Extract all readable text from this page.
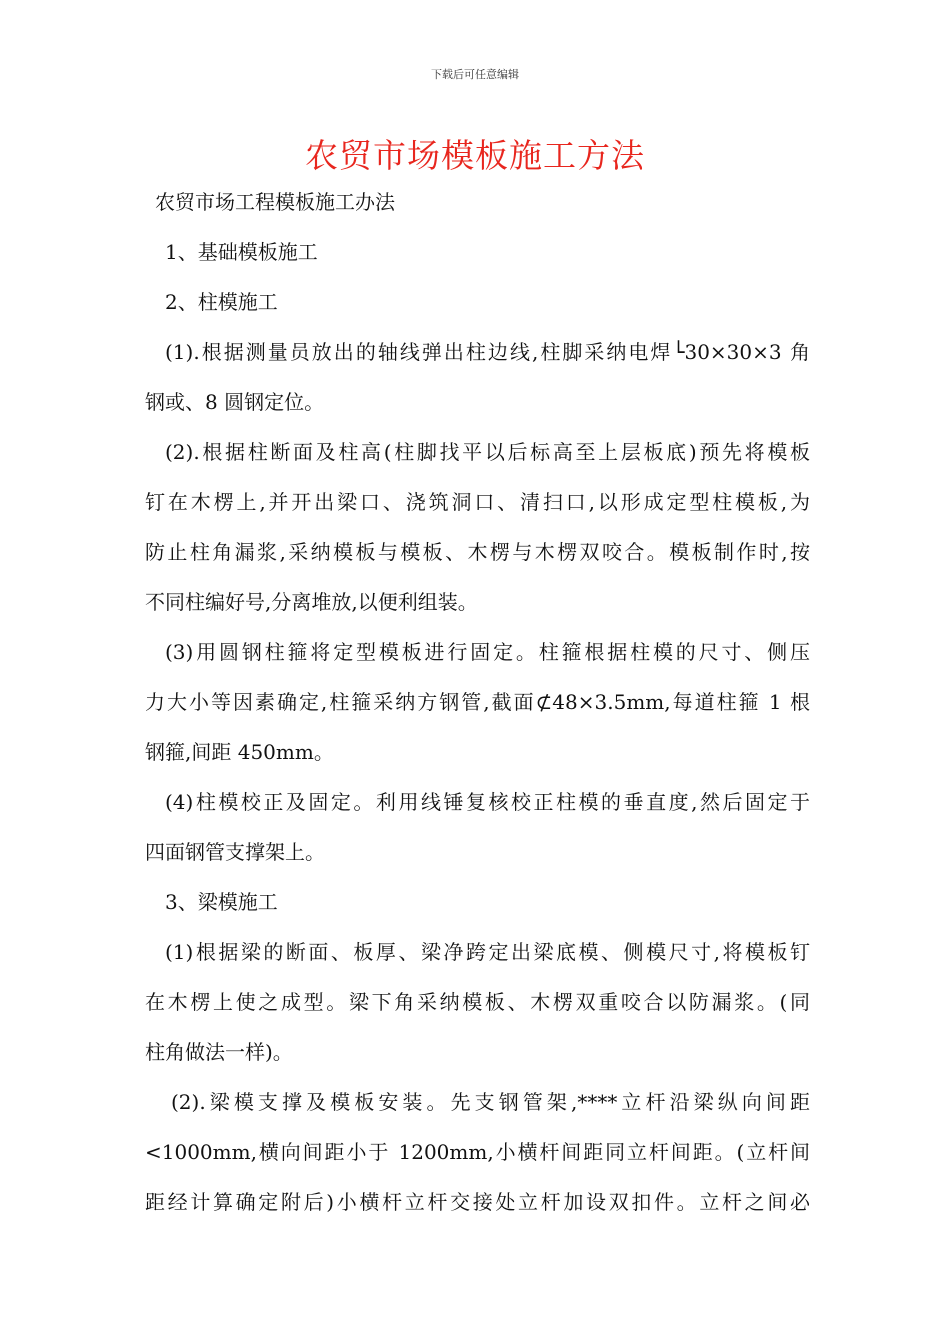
下载后可任意编辑
农贸市场模板施工方法
农贸市场工程模板施工办法
1、基础模板施工
2、柱模施工
(1).根据测量员放出的轴线弹出柱边线,柱脚采纳电焊└30×30×3 角
钢或、8 圆钢定位。
(2).根据柱断面及柱高(柱脚找平以后标高至上层板底)预先将模板
钉在木楞上,并开出梁口、浇筑洞口、清扫口,以形成定型柱模板,为
防止柱角漏浆,采纳模板与模板、木楞与木楞双咬合。模板制作时,按
不同柱编好号,分离堆放,以便利组装。
(3)用圆钢柱箍将定型模板进行固定。柱箍根据柱模的尺寸、侧压
力大小等因素确定,柱箍采纳方钢管,截面⊄48×3.5mm,每道柱箍 1 根
钢箍,间距 450mm。
(4)柱模校正及固定。利用线锤复核校正柱模的垂直度,然后固定于
四面钢管支撑架上。
3、梁模施工
(1)根据梁的断面、板厚、梁净跨定出梁底模、侧模尺寸,将模板钉
在木楞上使之成型。梁下角采纳模板、木楞双重咬合以防漏浆。(同
柱角做法一样)。
(2).梁模支撑及模板安装。先支钢管架,****立杆沿梁纵向间距
<1000mm,横向间距小于 1200mm,小横杆间距同立杆间距。(立杆间
距经计算确定附后)小横杆立杆交接处立杆加设双扣件。立杆之间必
